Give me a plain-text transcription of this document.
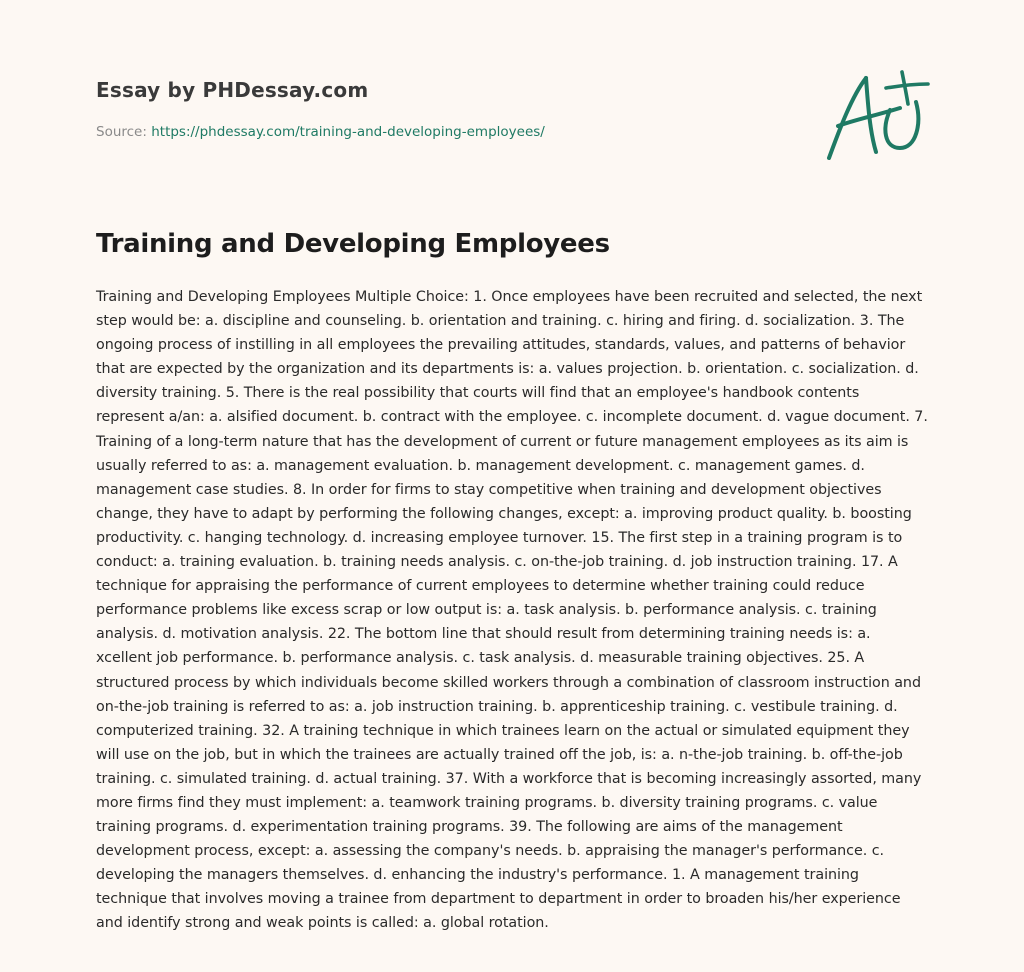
Essay by PHDessay.com
Source: https://phdessay.com/training-and-developing-employees/
Training and Developing Employees

Training and Developing Employees Multiple Choice: 1. Once employees have been recruited and selected, the next step would be: a. discipline and counseling. b. orientation and training. c. hiring and firing. d. socialization. 3. The ongoing process of instilling in all employees the prevailing attitudes, standards, values, and patterns of behavior that are expected by the organization and its departments is: a. values projection. b. orientation. c. socialization. d. diversity training. 5. There is the real possibility that courts will find that an employee's handbook contents represent a/an: a. alsified document. b. contract with the employee. c. incomplete document. d. vague document. 7. Training of a long-term nature that has the development of current or future management employees as its aim is usually referred to as: a. management evaluation. b. management development. c. management games. d. management case studies. 8. In order for firms to stay competitive when training and development objectives change, they have to adapt by performing the following changes, except: a. improving product quality. b. boosting productivity. c. hanging technology. d. increasing employee turnover. 15. The first step in a training program is to conduct: a. training evaluation. b. training needs analysis. c. on-the-job training. d. job instruction training. 17. A technique for appraising the performance of current employees to determine whether training could reduce performance problems like excess scrap or low output is: a. task analysis. b. performance analysis. c. training analysis. d. motivation analysis. 22. The bottom line that should result from determining training needs is: a. xcellent job performance. b. performance analysis. c. task analysis. d. measurable training objectives. 25. A structured process by which individuals become skilled workers through a combination of classroom instruction and on-the-job training is referred to as: a. job instruction training. b. apprenticeship training. c. vestibule training. d. computerized training. 32. A training technique in which trainees learn on the actual or simulated equipment they will use on the job, but in which the trainees are actually trained off the job, is: a. n-the-job training. b. off-the-job training. c. simulated training. d. actual training. 37. With a workforce that is becoming increasingly assorted, many more firms find they must implement: a. teamwork training programs. b. diversity training programs. c. value training programs. d. experimentation training programs. 39. The following are aims of the management development process, except: a. assessing the company's needs. b. appraising the manager's performance. c. developing the managers themselves. d. enhancing the industry's performance. 1. A management training technique that involves moving a trainee from department to department in order to broaden his/her experience and identify strong and weak points is called: a. global rotation.
